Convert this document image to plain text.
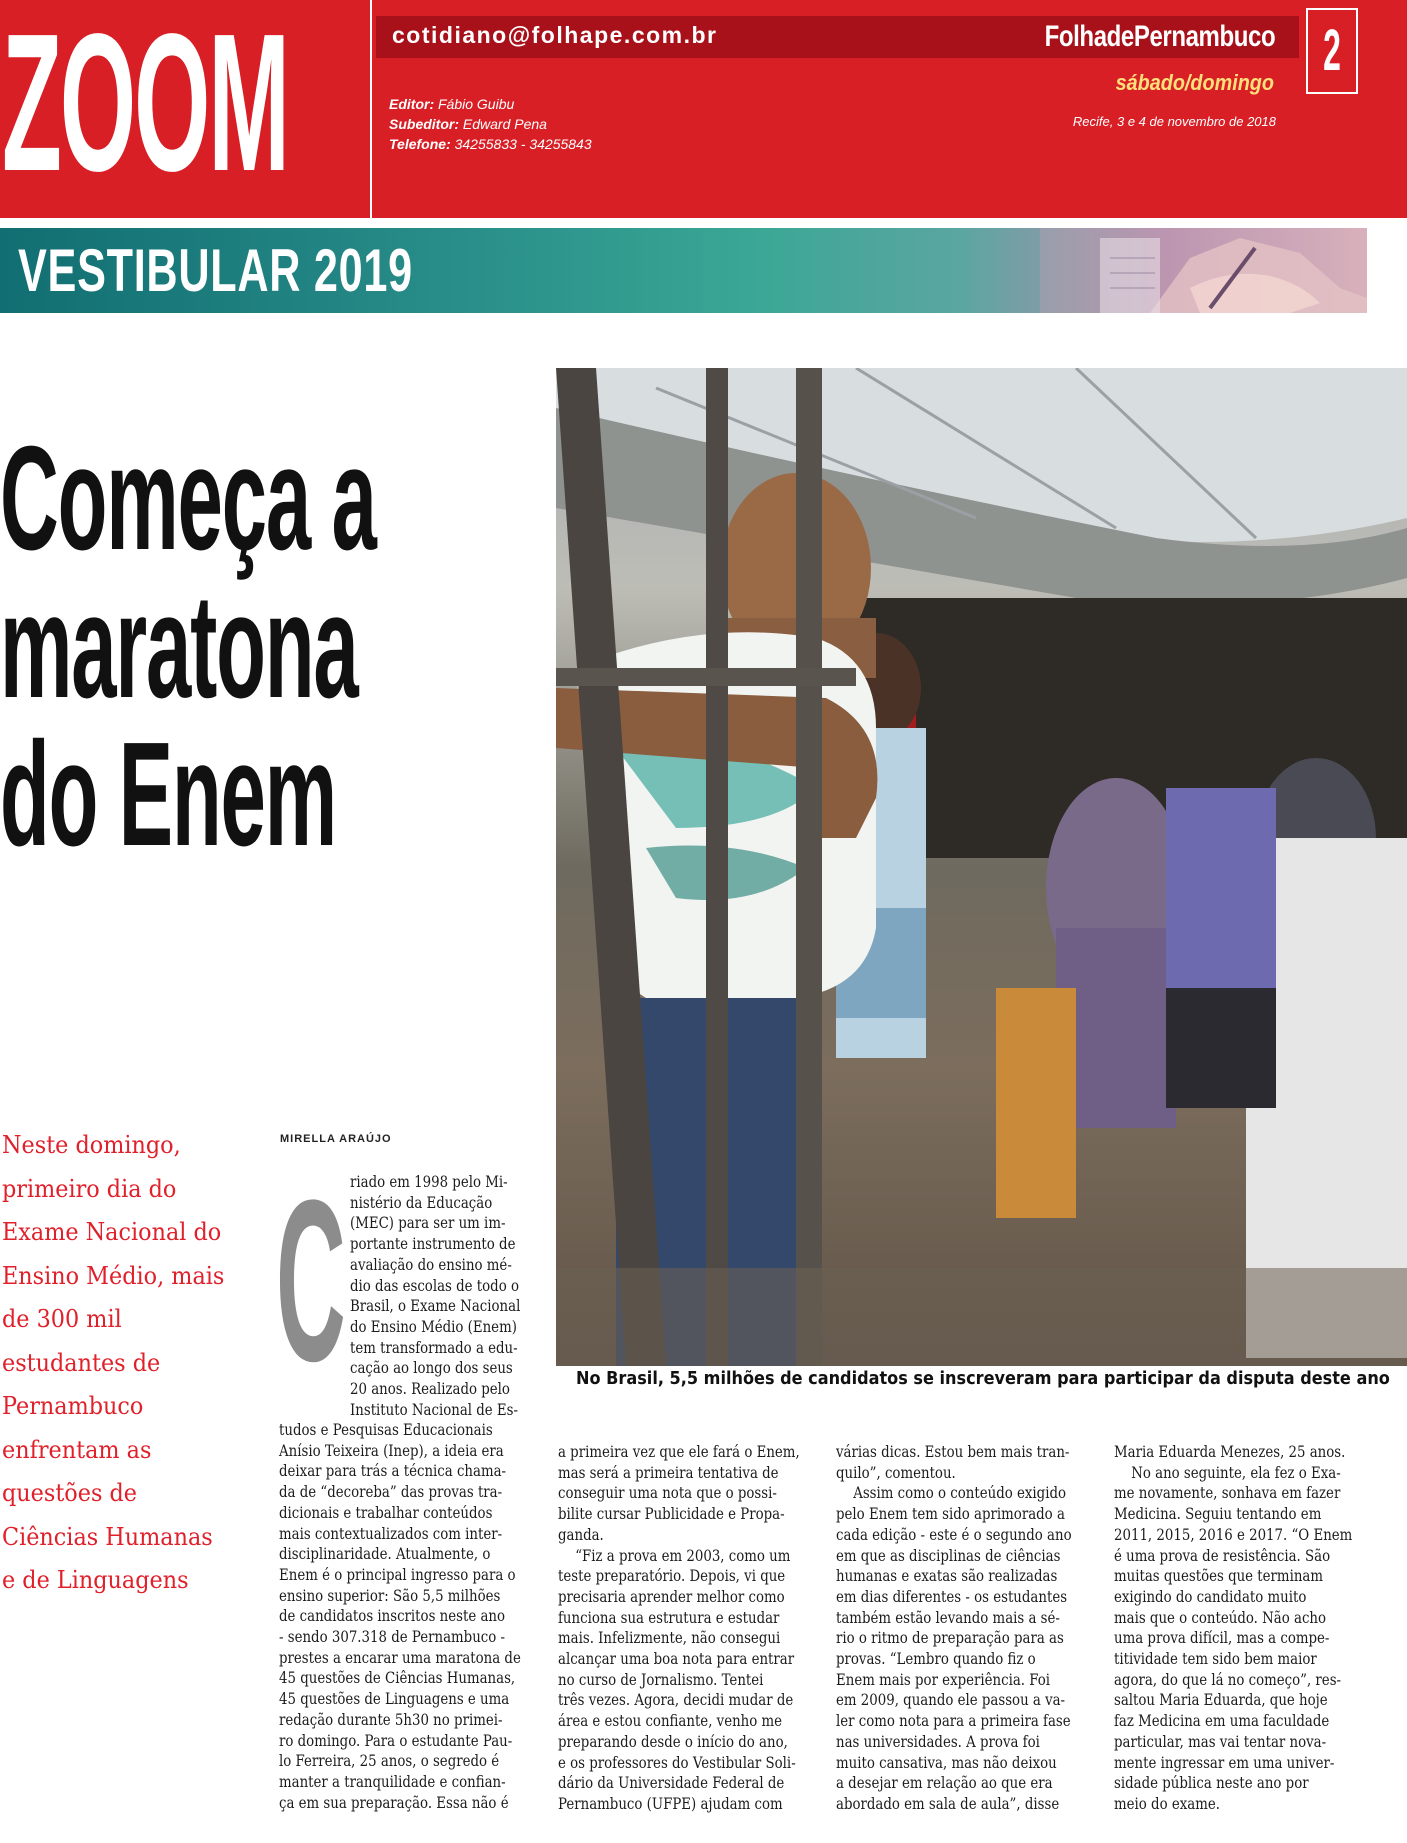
ZOOM	cotidiano@folhape.com.br	FolhadePernambuco 2
sábado/domingo
Recife, 3 e 4 de novembro de 2018
Editor: Fábio Guibu
Subeditor: Edward Pena
Telefone: 34255833 - 34255843
VESTIBULAR 2019
Começa a
maratona
do Enem
Neste domingo,
primeiro dia do
Exame Nacional do
Ensino Médio, mais
de 300 mil
estudantes de
Pernambuco
enfrentam as
questões de
Ciências Humanas
e de Linguagens
MIRELLA ARAÚJO
No Brasil, 5,5 milhões de candidatos se inscreveram para participar da disputa deste ano
C riado em 1998 pelo Mi-
nistério da Educação
(MEC) para ser um im-
portante instrumento de
avaliação do ensino mé-
dio das escolas de todo o
Brasil, o Exame Nacional
do Ensino Médio (Enem)
tem transformado a edu-
cação ao longo dos seus
20 anos. Realizado pelo
Instituto Nacional de Es-
tudos e Pesquisas Educacionais
Anísio Teixeira (Inep), a ideia era
deixar para trás a técnica chama-
da de “decoreba” das provas tra-
dicionais e trabalhar conteúdos
mais contextualizados com inter-
disciplinaridade. Atualmente, o
Enem é o principal ingresso para o
ensino superior: São 5,5 milhões
de candidatos inscritos neste ano
- sendo 307.318 de Pernambuco -
prestes a encarar uma maratona de
45 questões de Ciências Humanas,
45 questões de Linguagens e uma
redação durante 5h30 no primei-
ro domingo. Para o estudante Pau-
lo Ferreira, 25 anos, o segredo é
manter a tranquilidade e confian-
ça em sua preparação. Essa não é
a primeira vez que ele fará o Enem,
mas será a primeira tentativa de
conseguir uma nota que o possi-
bilite cursar Publicidade e Propa-
ganda.
“Fiz a prova em 2003, como um
teste preparatório. Depois, vi que
precisaria aprender melhor como
funciona sua estrutura e estudar
mais. Infelizmente, não consegui
alcançar uma boa nota para entrar
no curso de Jornalismo. Tentei
três vezes. Agora, decidi mudar de
área e estou confiante, venho me
preparando desde o início do ano,
e os professores do Vestibular Soli-
dário da Universidade Federal de
Pernambuco (UFPE) ajudam com
várias dicas. Estou bem mais tran-
quilo”, comentou.
Assim como o conteúdo exigido
pelo Enem tem sido aprimorado a
cada edição - este é o segundo ano
em que as disciplinas de ciências
humanas e exatas são realizadas
em dias diferentes - os estudantes
também estão levando mais a sé-
rio o ritmo de preparação para as
provas. “Lembro quando fiz o
Enem mais por experiência. Foi
em 2009, quando ele passou a va-
ler como nota para a primeira fase
nas universidades. A prova foi
muito cansativa, mas não deixou
a desejar em relação ao que era
abordado em sala de aula”, disse
Maria Eduarda Menezes, 25 anos.
No ano seguinte, ela fez o Exa-
me novamente, sonhava em fazer
Medicina. Seguiu tentando em
2011, 2015, 2016 e 2017. “O Enem
é uma prova de resistência. São
muitas questões que terminam
exigindo do candidato muito
mais que o conteúdo. Não acho
uma prova difícil, mas a compe-
titividade tem sido bem maior
agora, do que lá no começo”, res-
saltou Maria Eduarda, que hoje
faz Medicina em uma faculdade
particular, mas vai tentar nova-
mente ingressar em uma univer-
sidade pública neste ano por
meio do exame.
